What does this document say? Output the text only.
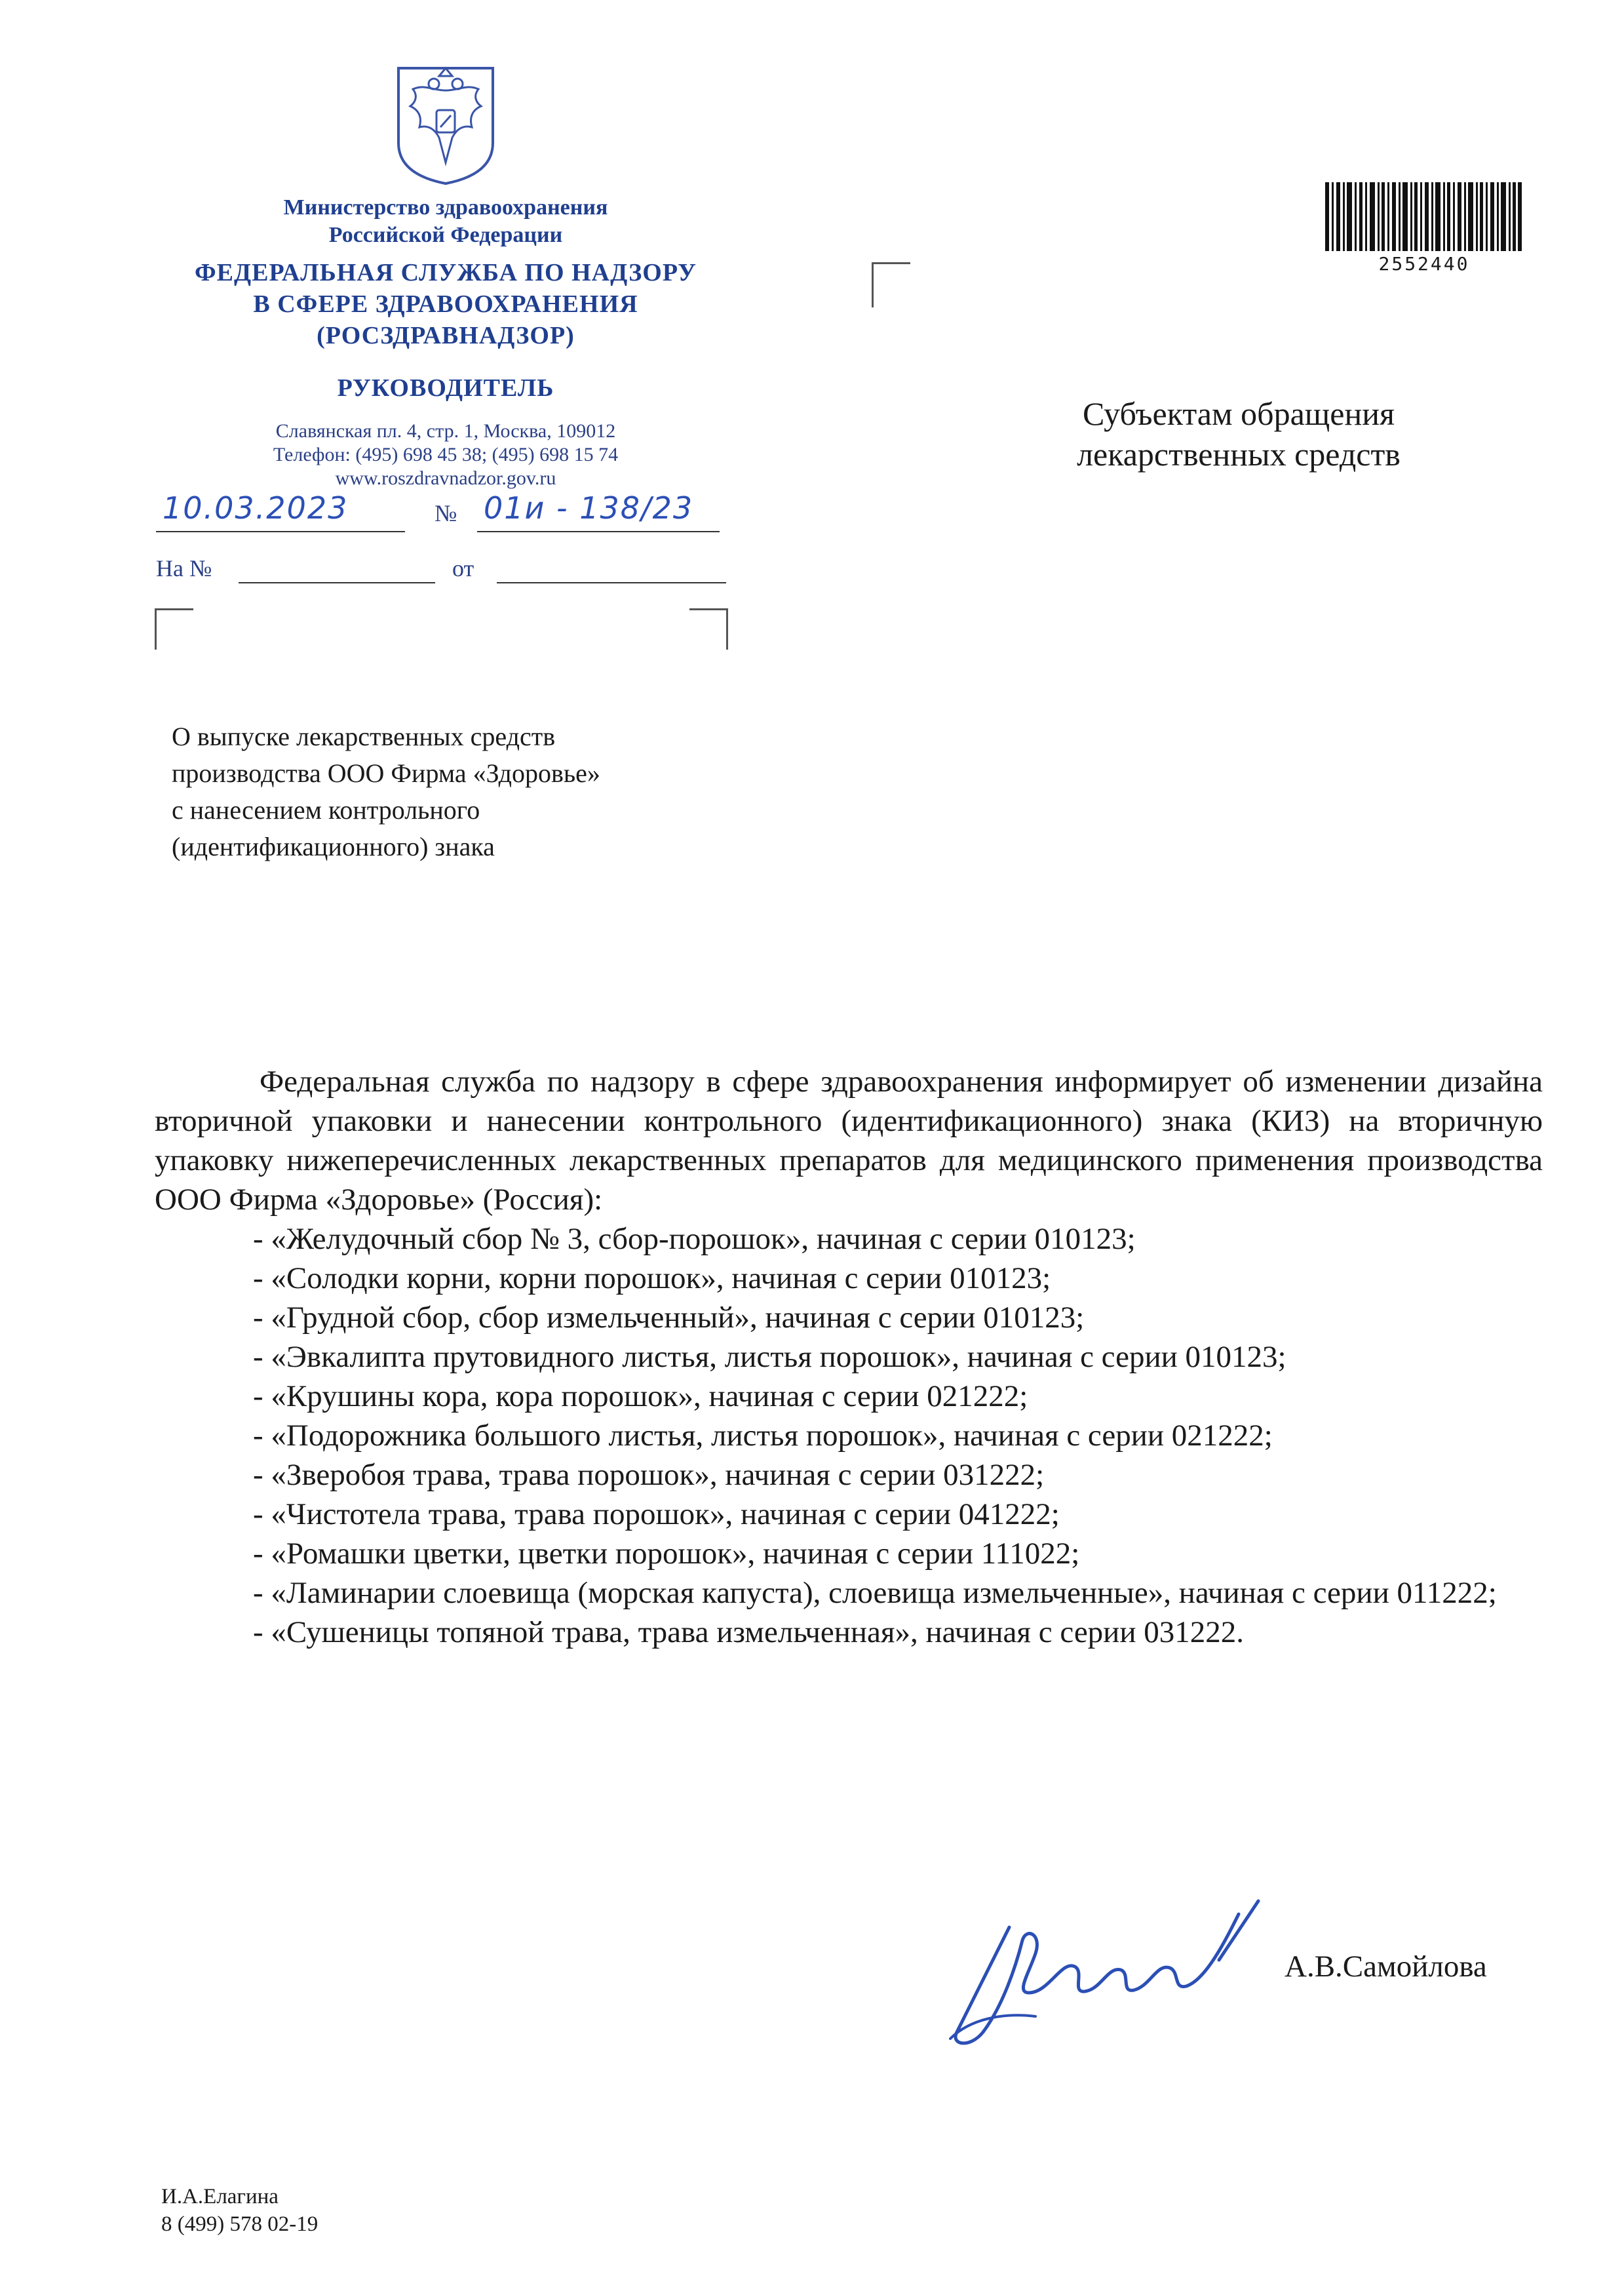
Министерство здравоохранения
Российской Федерации
ФЕДЕРАЛЬНАЯ СЛУЖБА ПО НАДЗОРУ
В СФЕРЕ ЗДРАВООХРАНЕНИЯ
(РОСЗДРАВНАДЗОР)
РУКОВОДИТЕЛЬ
Славянская пл. 4, стр. 1, Москва, 109012
Телефон: (495) 698 45 38; (495) 698 15 74
www.roszdravnadzor.gov.ru
10.03.2023	№ 01и - 138/23
На №	от
2552440
Субъектам обращения
лекарственных средств
О выпуске лекарственных средств
производства ООО Фирма «Здоровье»
с нанесением контрольного
(идентификационного) знака

Федеральная служба по надзору в сфере здравоохранения информирует об изменении дизайна вторичной упаковки и нанесении контрольного (идентификационного) знака (КИЗ) на вторичную упаковку нижеперечисленных лекарственных препаратов для медицинского применения производства ООО Фирма «Здоровье» (Россия):

- «Желудочный сбор № 3, сбор-порошок», начиная с серии 010123;
- «Солодки корни, корни порошок», начиная с серии 010123;
- «Грудной сбор, сбор измельченный», начиная с серии 010123;
- «Эвкалипта прутовидного листья, листья порошок», начиная с серии 010123;
- «Крушины кора, кора порошок», начиная с серии 021222;
- «Подорожника большого листья, листья порошок», начиная с серии 021222;
- «Зверобоя трава, трава порошок», начиная с серии 031222;
- «Чистотела трава, трава порошок», начиная с серии 041222;
- «Ромашки цветки, цветки порошок», начиная с серии 111022;
- «Ламинарии слоевища (морская капуста), слоевища измельченные», начиная с серии 011222;
- «Сушеницы топяной трава, трава измельченная», начиная с серии 031222.
А.В.Самойлова
И.А.Елагина
8 (499) 578 02-19
